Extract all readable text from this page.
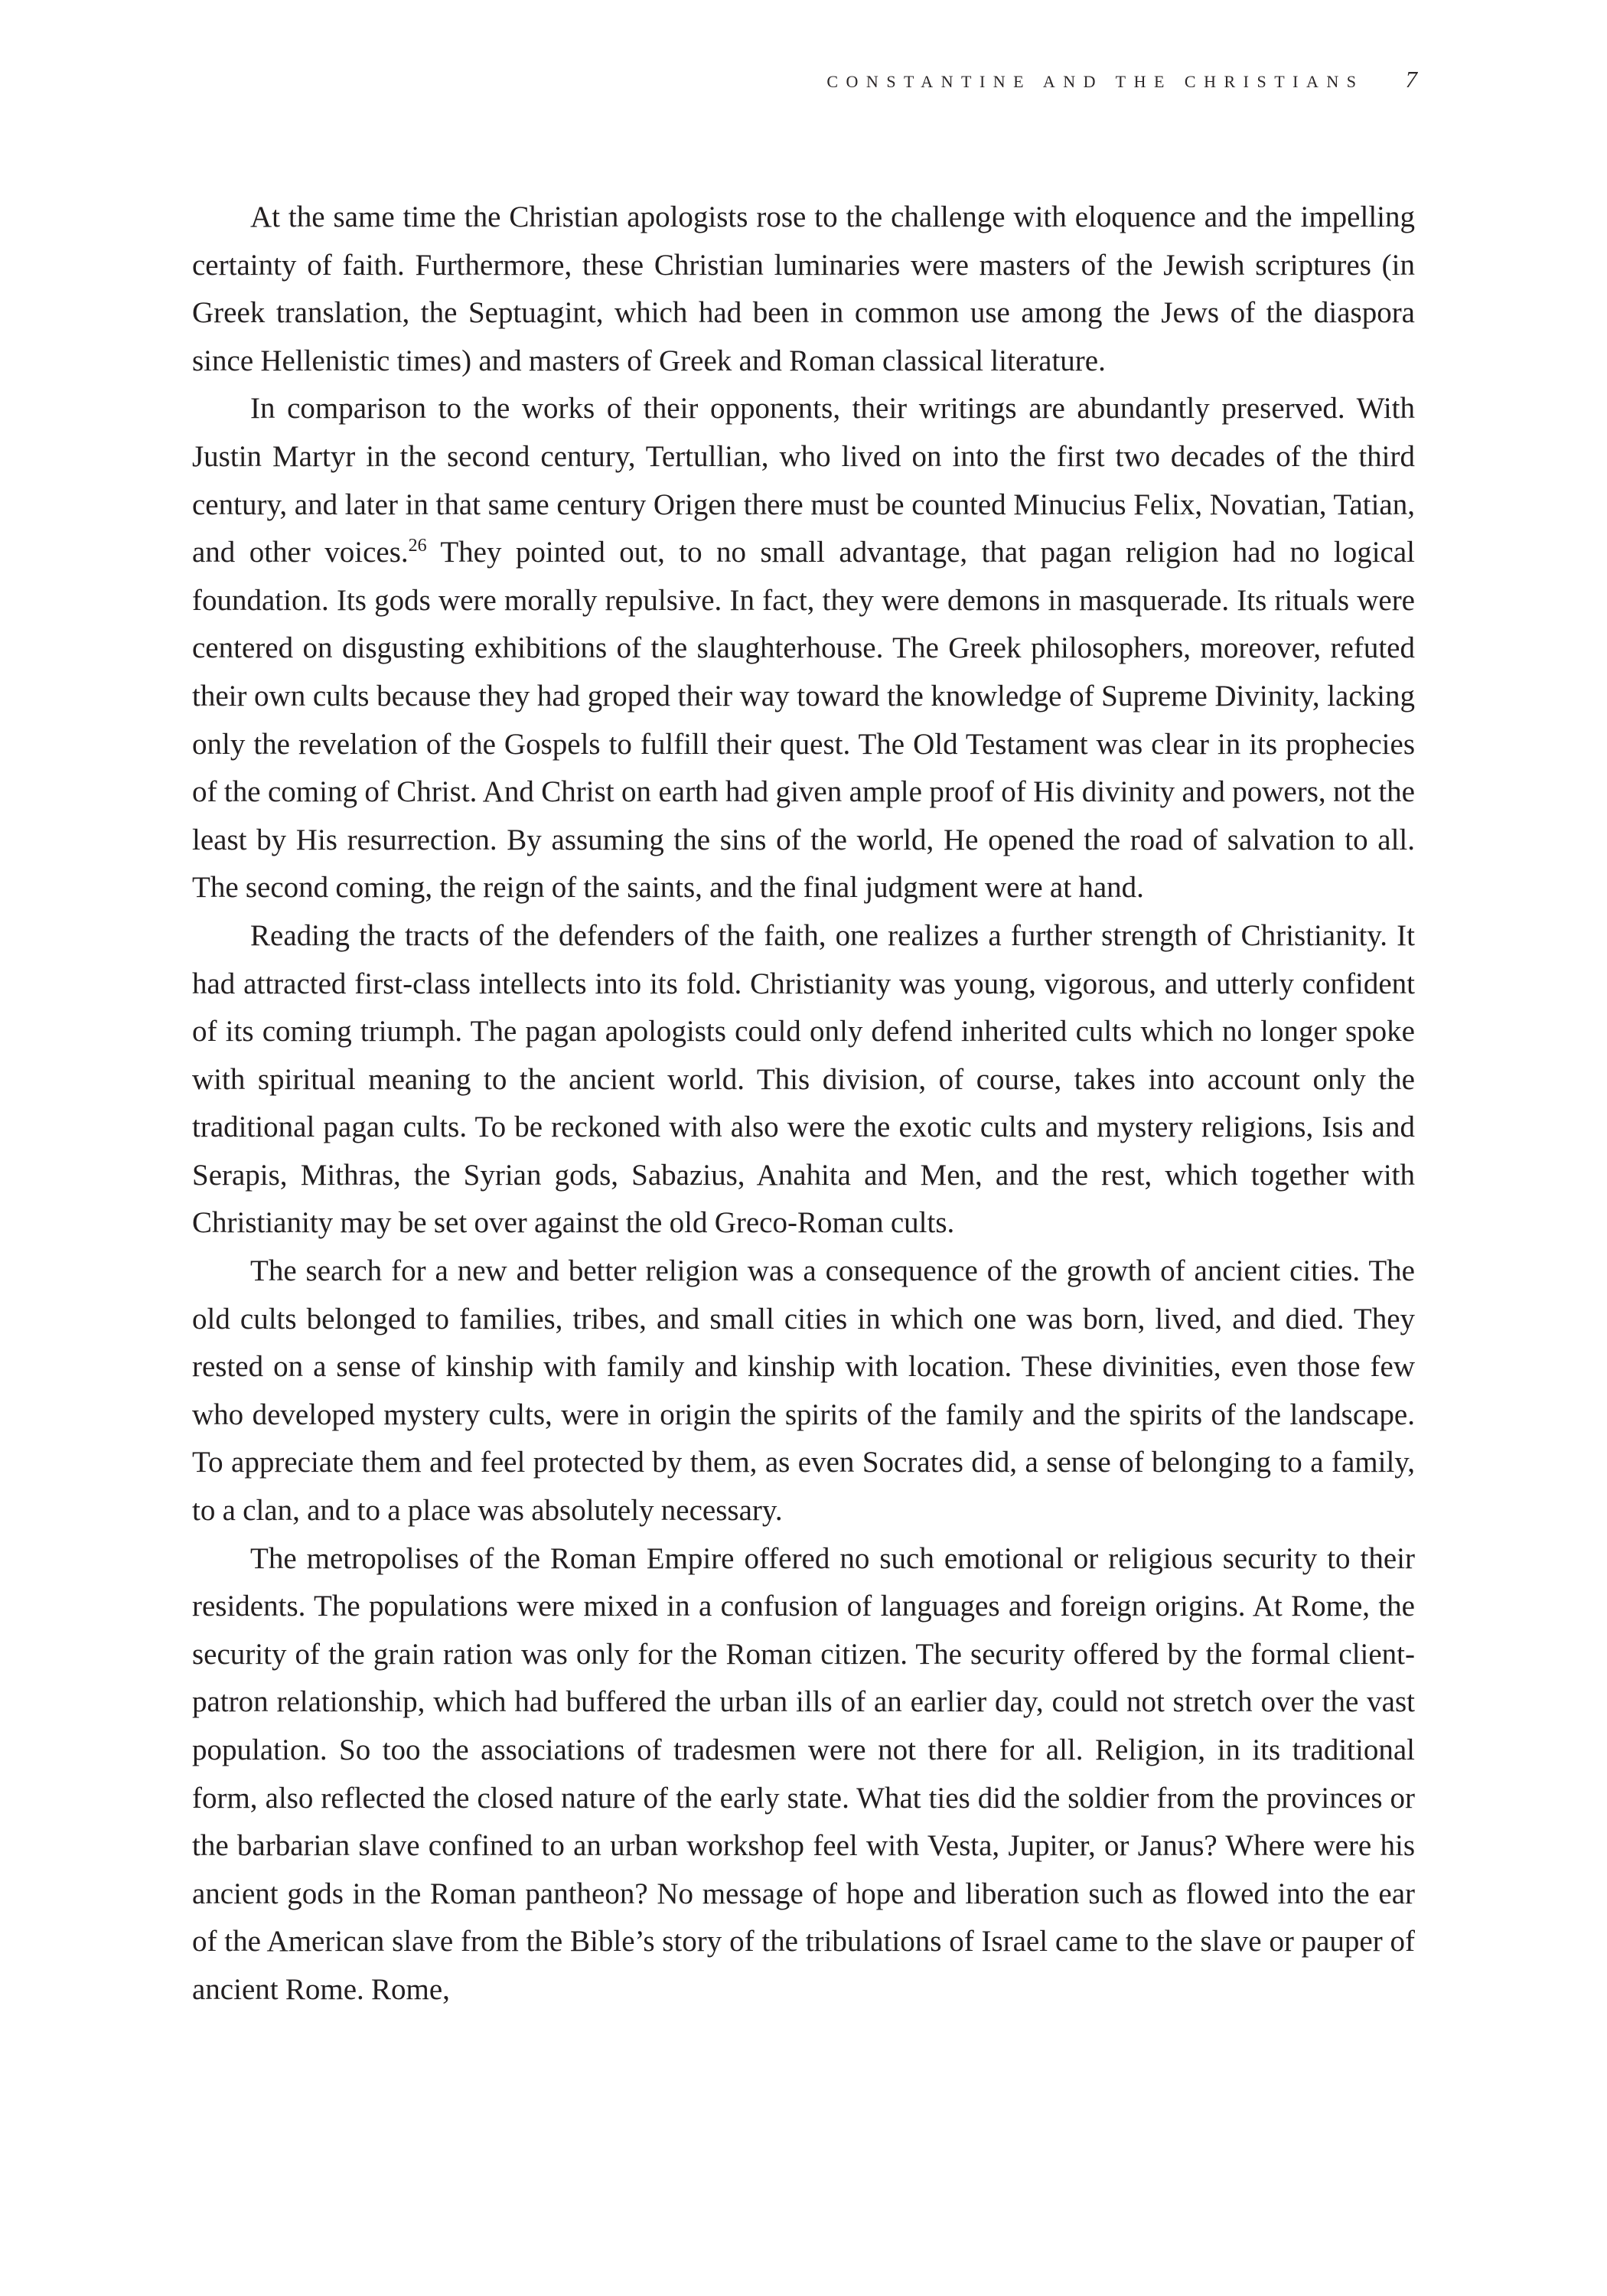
CONSTANTINE AND THE CHRISTIANS 7

At the same time the Christian apologists rose to the challenge with eloquence and the impelling certainty of faith. Furthermore, these Christian luminaries were masters of the Jewish scriptures (in Greek translation, the Septuagint, which had been in common use among the Jews of the diaspora since Hellenistic times) and masters of Greek and Roman classical literature.

In comparison to the works of their opponents, their writings are abundantly preserved. With Justin Martyr in the second century, Tertullian, who lived on into the first two decades of the third century, and later in that same century Origen there must be counted Minucius Felix, Novatian, Tatian, and other voices.$^{26}$ They pointed out, to no small advantage, that pagan religion had no logical foundation. Its gods were morally repulsive. In fact, they were demons in masquerade. Its rituals were centered on disgusting exhibitions of the slaughterhouse. The Greek philosophers, moreover, refuted their own cults because they had groped their way toward the knowledge of Supreme Divinity, lacking only the revelation of the Gospels to fulfill their quest. The Old Testament was clear in its prophecies of the coming of Christ. And Christ on earth had given ample proof of His divinity and powers, not the least by His resurrection. By assuming the sins of the world, He opened the road of salvation to all. The second coming, the reign of the saints, and the final judgment were at hand.

Reading the tracts of the defenders of the faith, one realizes a further strength of Christianity. It had attracted first-class intellects into its fold. Christianity was young, vigorous, and utterly confident of its coming triumph. The pagan apologists could only defend inherited cults which no longer spoke with spiritual meaning to the ancient world. This division, of course, takes into account only the traditional pagan cults. To be reckoned with also were the exotic cults and mystery religions, Isis and Serapis, Mithras, the Syrian gods, Sabazius, Anahita and Men, and the rest, which together with Christianity may be set over against the old Greco-Roman cults.

The search for a new and better religion was a consequence of the growth of ancient cities. The old cults belonged to families, tribes, and small cities in which one was born, lived, and died. They rested on a sense of kinship with family and kinship with location. These divinities, even those few who developed mystery cults, were in origin the spirits of the family and the spirits of the landscape. To appreciate them and feel protected by them, as even Socrates did, a sense of belonging to a family, to a clan, and to a place was absolutely necessary.

The metropolises of the Roman Empire offered no such emotional or religious security to their residents. The populations were mixed in a confusion of languages and foreign origins. At Rome, the security of the grain ration was only for the Roman citizen. The security offered by the formal client-patron relationship, which had buffered the urban ills of an earlier day, could not stretch over the vast population. So too the associations of tradesmen were not there for all. Religion, in its traditional form, also reflected the closed nature of the early state. What ties did the soldier from the provinces or the barbarian slave confined to an urban workshop feel with Vesta, Jupiter, or Janus? Where were his ancient gods in the Roman pantheon? No message of hope and liberation such as flowed into the ear of the American slave from the Bible’s story of the tribulations of Israel came to the slave or pauper of ancient Rome. Rome,
